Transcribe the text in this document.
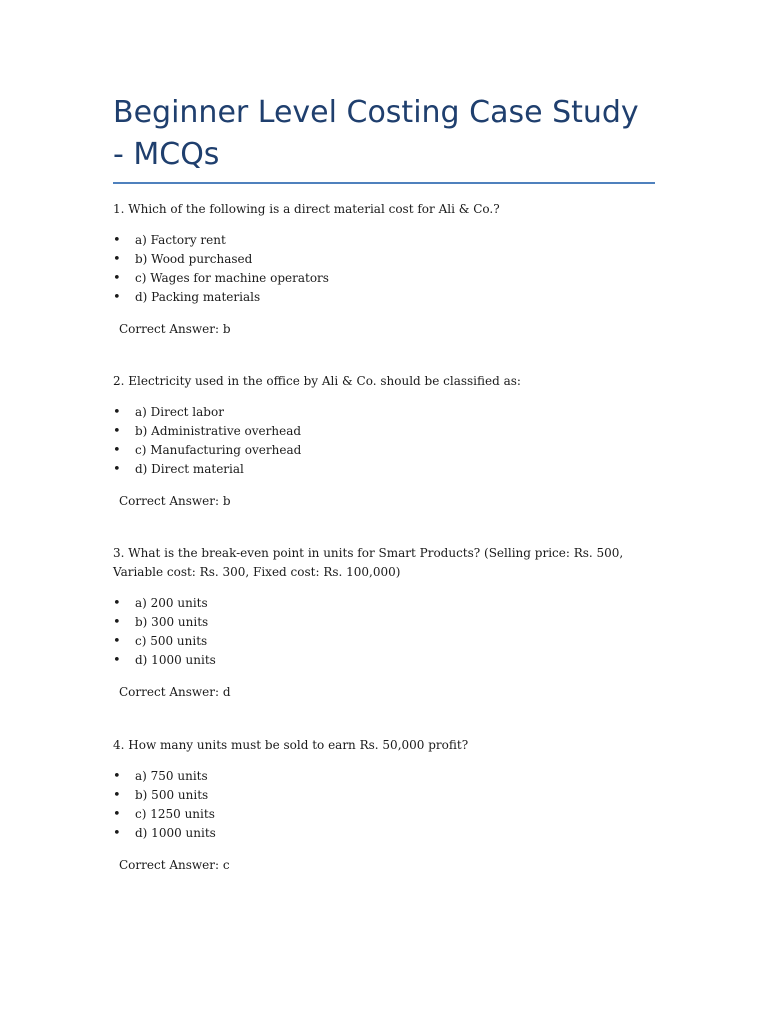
Beginner Level Costing Case Study - MCQs

1. Which of the following is a direct material cost for Ali & Co.?

• a) Factory rent
• b) Wood purchased
• c) Wages for machine operators
• d) Packing materials

Correct Answer: b

2. Electricity used in the office by Ali & Co. should be classified as:

• a) Direct labor
• b) Administrative overhead
• c) Manufacturing overhead
• d) Direct material

Correct Answer: b

3. What is the break-even point in units for Smart Products? (Selling price: Rs. 500, Variable cost: Rs. 300, Fixed cost: Rs. 100,000)

• a) 200 units
• b) 300 units
• c) 500 units
• d) 1000 units

Correct Answer: d

4. How many units must be sold to earn Rs. 50,000 profit?

• a) 750 units
• b) 500 units
• c) 1250 units
• d) 1000 units

Correct Answer: c
